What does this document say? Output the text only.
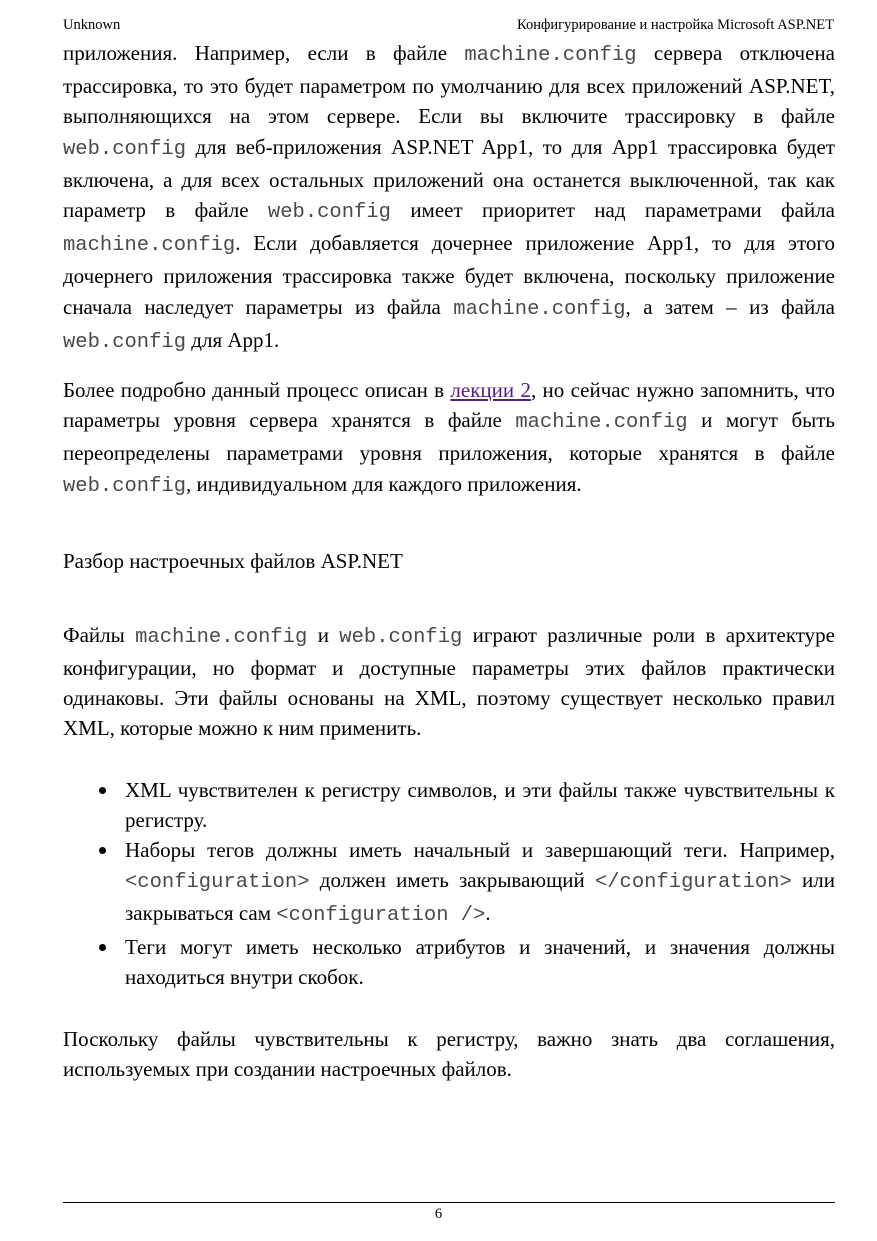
Unknown	Конфигурирование и настройка Microsoft ASP.NET

приложения. Например, если в файле machine.config сервера отключена трассировка, то это будет параметром по умолчанию для всех приложений ASP.NET, выполняющихся на этом сервере. Если вы включите трассировку в файле web.config для веб-приложения ASP.NET App1, то для App1 трассировка будет включена, а для всех остальных приложений она останется выключенной, так как параметр в файле web.config имеет приоритет над параметрами файла machine.config. Если добавляется дочернее приложение App1, то для этого дочернего приложения трассировка также будет включена, поскольку приложение сначала наследует параметры из файла machine.config, а затем – из файла web.config для App1.

Более подробно данный процесс описан в лекции 2, но сейчас нужно запомнить, что параметры уровня сервера хранятся в файле machine.config и могут быть переопределены параметрами уровня приложения, которые хранятся в файле web.config, индивидуальном для каждого приложения.

Разбор настроечных файлов ASP.NET

Файлы machine.config и web.config играют различные роли в архитектуре конфигурации, но формат и доступные параметры этих файлов практически одинаковы. Эти файлы основаны на XML, поэтому существует несколько правил XML, которые можно к ним применить.

XML чувствителен к регистру символов, и эти файлы также чувствительны к регистру.
Наборы тегов должны иметь начальный и завершающий теги. Например, <configuration> должен иметь закрывающий </configuration> или закрываться сам <configuration />.
Теги могут иметь несколько атрибутов и значений, и значения должны находиться внутри скобок.

Поскольку файлы чувствительны к регистру, важно знать два соглашения, используемых при создании настроечных файлов.

6
